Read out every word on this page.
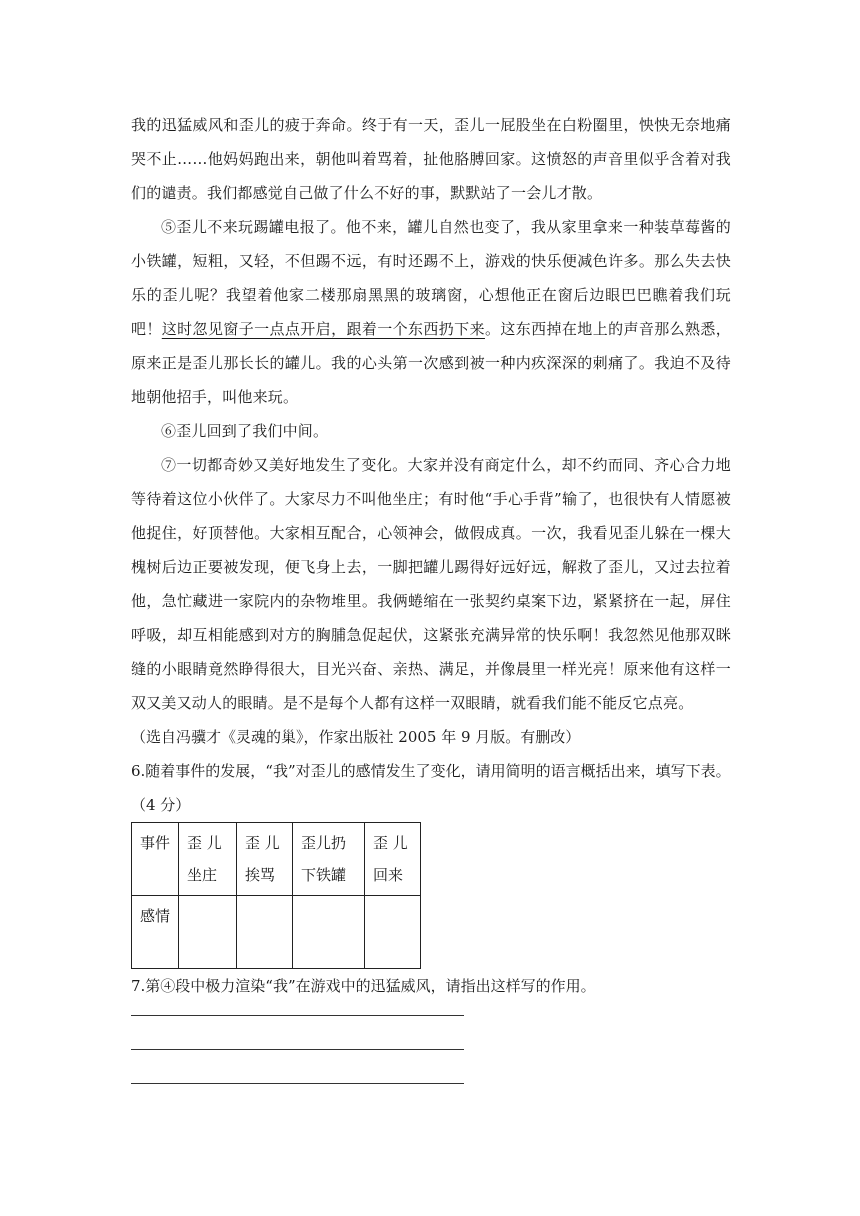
我的迅猛威风和歪儿的疲于奔命。终于有一天，歪儿一屁股坐在白粉圈里，怏怏无奈地痛哭不止……他妈妈跑出来，朝他叫着骂着，扯他胳膊回家。这愤怒的声音里似乎含着对我们的谴责。我们都感觉自己做了什么不好的事，默默站了一会儿才散。

⑤歪儿不来玩踢罐电报了。他不来，罐儿自然也变了，我从家里拿来一种装草莓酱的小铁罐，短粗，又轻，不但踢不远，有时还踢不上，游戏的快乐便减色许多。那么失去快乐的歪儿呢？我望着他家二楼那扇黑黑的玻璃窗，心想他正在窗后边眼巴巴瞧着我们玩吧！这时忽见窗子一点点开启，跟着一个东西扔下来。这东西掉在地上的声音那么熟悉，原来正是歪儿那长长的罐儿。我的心头第一次感到被一种内疚深深的刺痛了。我迫不及待地朝他招手，叫他来玩。

⑥歪儿回到了我们中间。

⑦一切都奇妙又美好地发生了变化。大家并没有商定什么，却不约而同、齐心合力地等待着这位小伙伴了。大家尽力不叫他坐庄；有时他“手心手背”输了，也很快有人情愿被他捉住，好顶替他。大家相互配合，心领神会，做假成真。一次，我看见歪儿躲在一棵大槐树后边正要被发现，便飞身上去，一脚把罐儿踢得好远好远，解救了歪儿，又过去拉着他，急忙藏进一家院内的杂物堆里。我俩蜷缩在一张契约桌案下边，紧紧挤在一起，屏住呼吸，却互相能感到对方的胸脯急促起伏，这紧张充满异常的快乐啊！我忽然见他那双眯缝的小眼睛竟然睁得很大，目光兴奋、亲热、满足，并像晨里一样光亮！原来他有这样一双又美又动人的眼睛。是不是每个人都有这样一双眼睛，就看我们能不能反它点亮。

（选自冯骥才《灵魂的巢》，作家出版社 2005 年 9 月版。有删改）

6.随着事件的发展，“我”对歪儿的感情发生了变化，请用简明的语言概括出来，填写下表。（4 分）

事件	歪 儿坐庄	歪 儿挨骂	歪儿扔下铁罐	歪 儿回来
感情				

7.第④段中极力渲染“我”在游戏中的迅猛威风，请指出这样写的作用。
